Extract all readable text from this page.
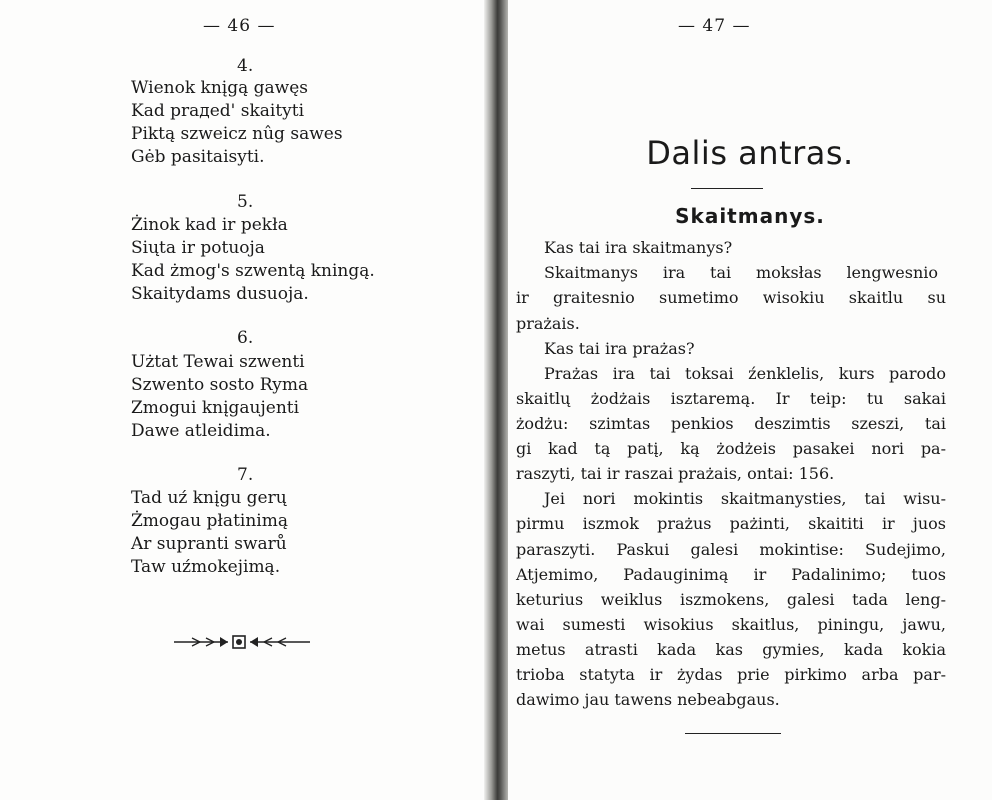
— 46 —
4.
Wienok knįgą gawęs
Kad prадed' skaityti
Piktą szweicz nûg sawes
Gėb pasitaisyti.
5.
Żinok kad ir pekła
Siųta ir potuoja
Kad żmog's szwentą kningą.
Skaitydams dusuoja.
6.
Użtat Tewai szwenti
Szwento sosto Ryma
Zmogui knįgaujenti
Dawe atleidima.
7.
Tad uź knįgu gerų
Żmogau płatinimą
Ar supranti swarů
Taw uźmokejimą.
— 47 —
Dalis antras.
Skaitmanys.
Kas tai ira skaitmanys?
Skaitmanys ira tai moksłas lengwesnio
ir graitesnio sumetimo wisokiu skaitlu su
prażais.
Kas tai ira prażas?
Prażas ira tai toksai źenklelis, kurs parodo
skaitlų żodżais isztaremą. Ir teip: tu sakai
żodżu: szimtas penkios deszimtis szeszi, tai
gi kad tą patį, ką żodżeis pasakei nori pa-
raszyti, tai ir raszai prażais, ontai: 156.
Jei nori mokintis skaitmanysties, tai wisu-
pirmu iszmok prażus pażinti, skaititi ir juos
paraszyti. Paskui galesi mokintise: Sudejimo,
Atjemimo, Padauginimą ir Padalinimo; tuos
keturius weiklus iszmokens, galesi tada leng-
wai sumesti wisokius skaitlus, piningu, jawu,
metus atrasti kada kas gymies, kada kokia
trioba statyta ir żydas prie pirkimo arba par-
dawimo jau tawens nebeabgaus.
